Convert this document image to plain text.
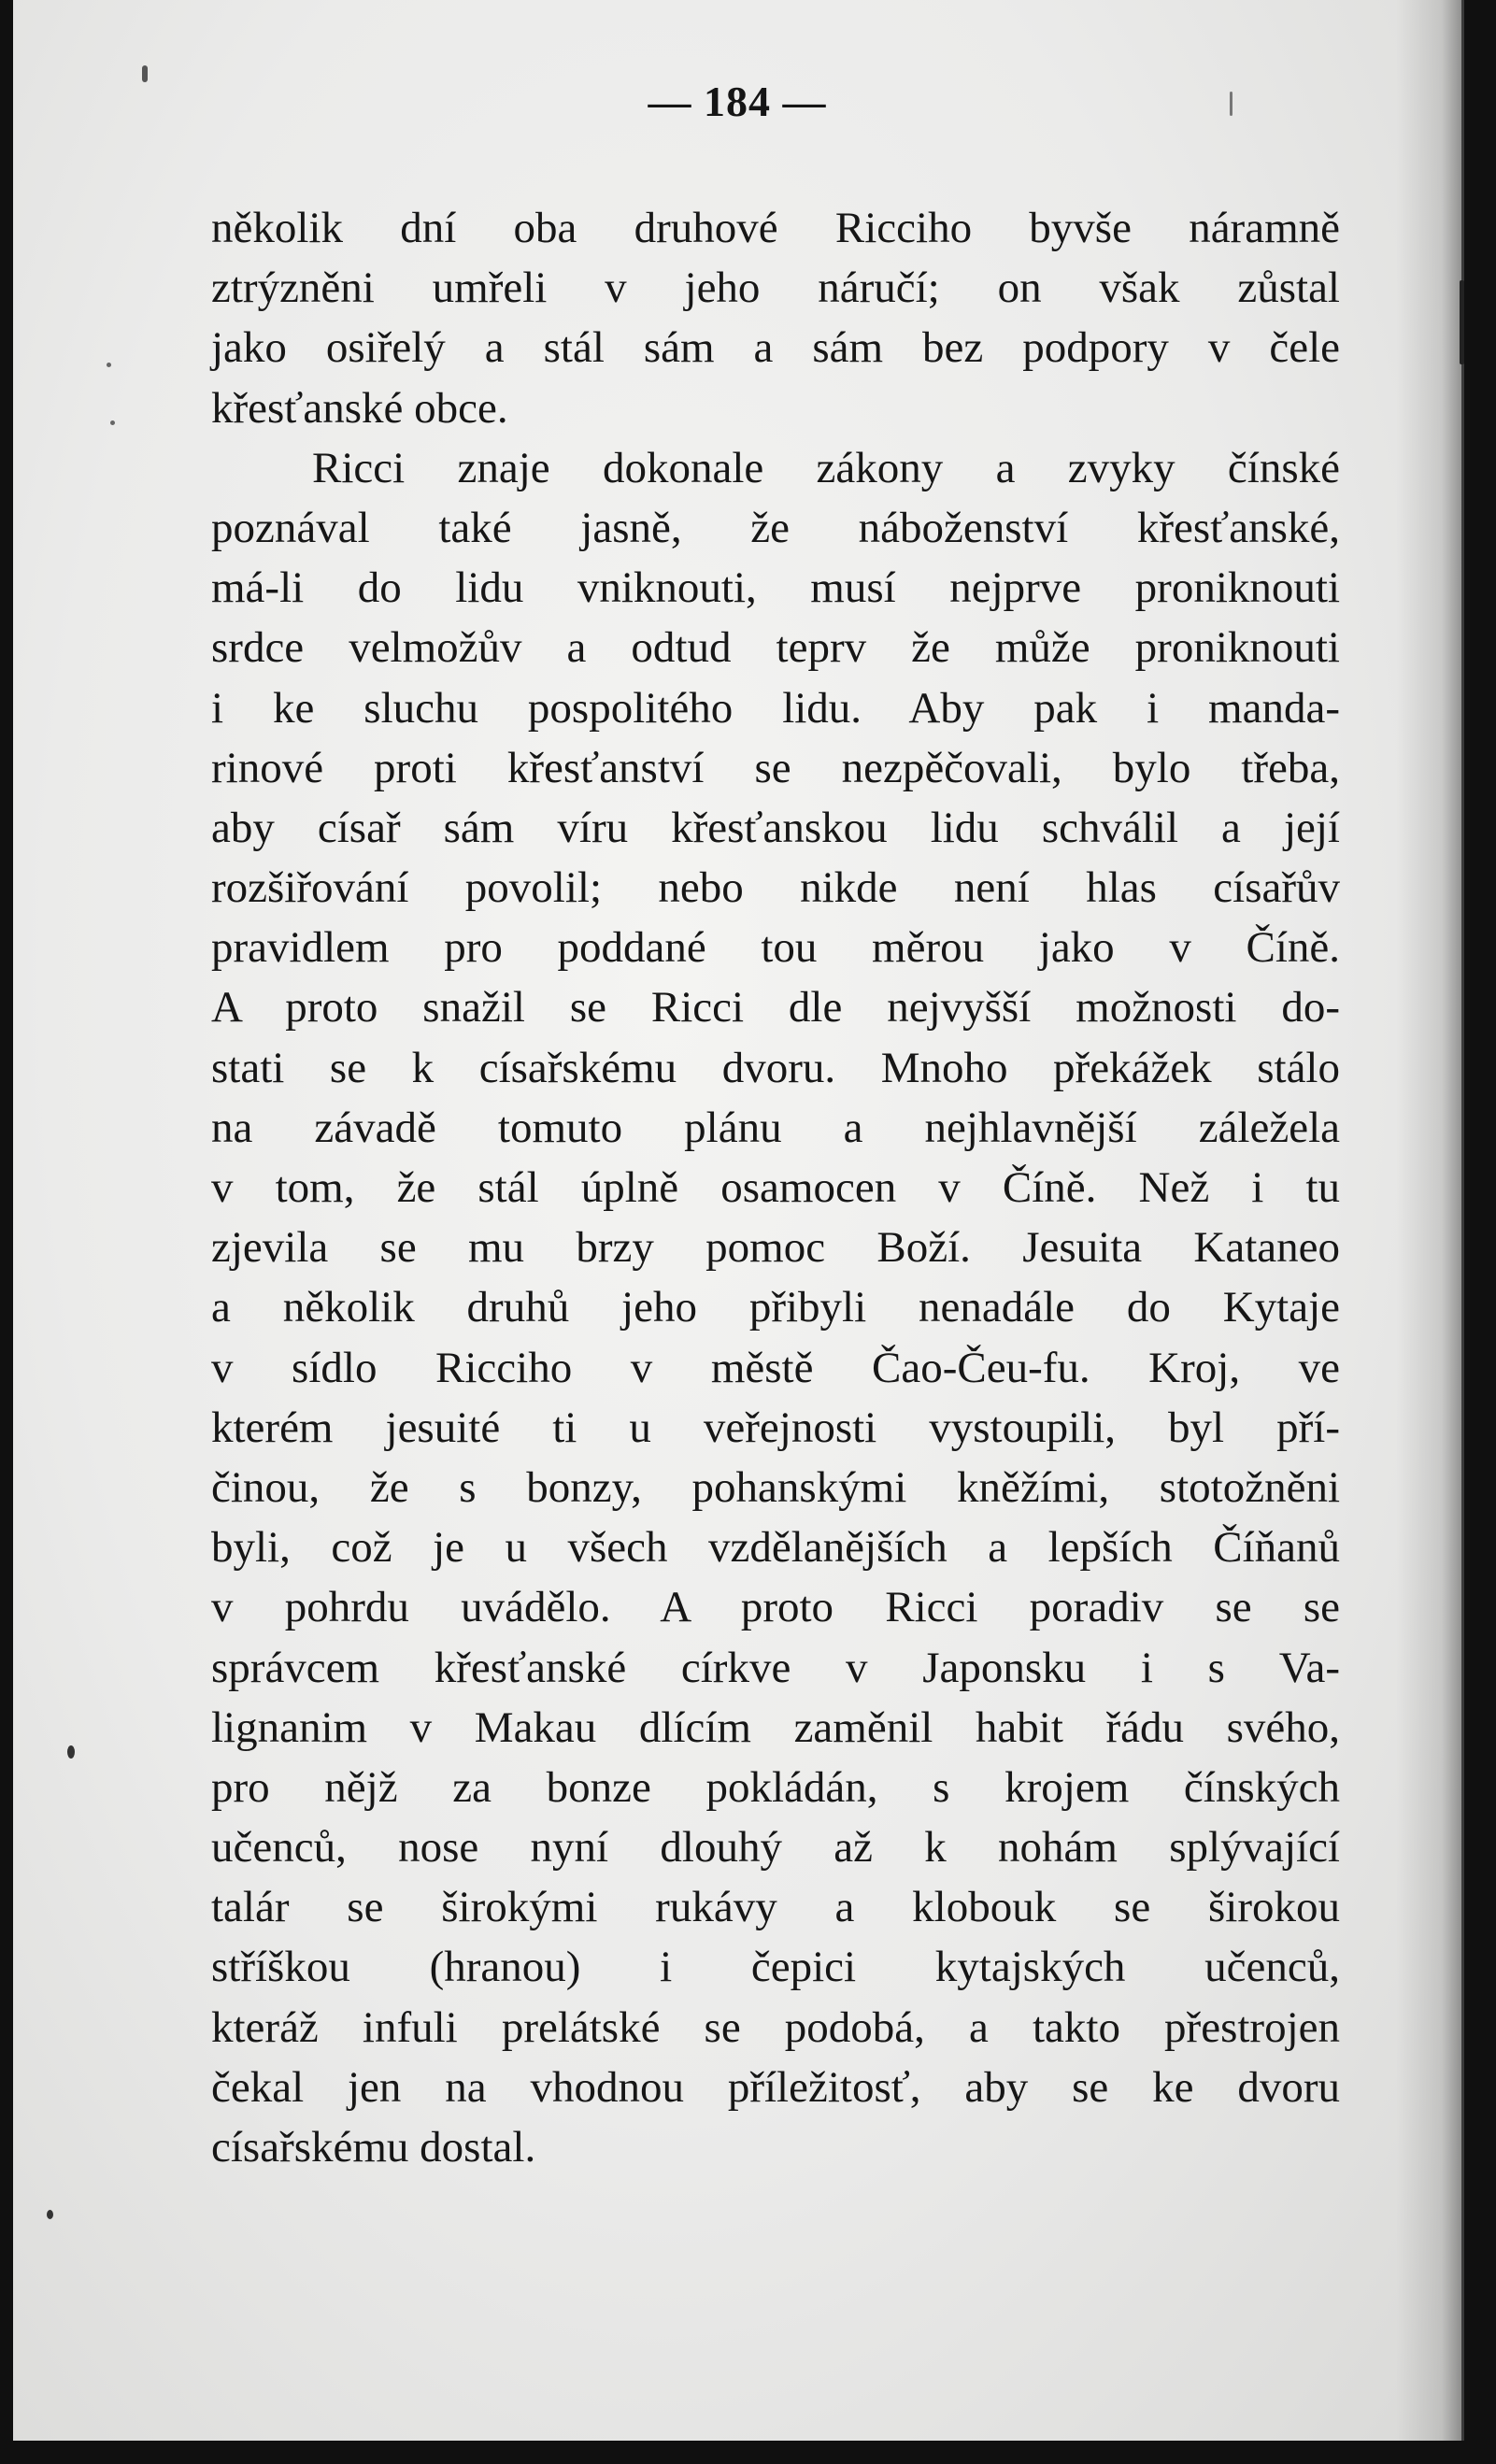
— 184 —
několik dní oba druhové Ricciho byvše náramně
ztrýzněni umřeli v jeho náručí; on však zůstal
jako osiřelý a stál sám a sám bez podpory v čele
křesťanské obce.
Ricci znaje dokonale zákony a zvyky čínské
poznával také jasně, že náboženství křesťanské,
má-li do lidu vniknouti, musí nejprve proniknouti
srdce velmožův a odtud teprv že může proniknouti
i ke sluchu pospolitého lidu. Aby pak i manda-
rinové proti křesťanství se nezpěčovali, bylo třeba,
aby císař sám víru křesťanskou lidu schválil a její
rozšiřování povolil; nebo nikde není hlas císařův
pravidlem pro poddané tou měrou jako v Číně.
A proto snažil se Ricci dle nejvyšší možnosti do-
stati se k císařskému dvoru. Mnoho překážek stálo
na závadě tomuto plánu a nejhlavnější záležela
v tom, že stál úplně osamocen v Číně. Než i tu
zjevila se mu brzy pomoc Boží. Jesuita Kataneo
a několik druhů jeho přibyli nenadále do Kytaje
v sídlo Ricciho v městě Čao-Čeu-fu. Kroj, ve
kterém jesuité ti u veřejnosti vystoupili, byl pří-
činou, že s bonzy, pohanskými kněžími, stotožněni
byli, což je u všech vzdělanějších a lepších Číňanů
v pohrdu uvádělo. A proto Ricci poradiv se se
správcem křesťanské církve v Japonsku i s Va-
lignanim v Makau dlícím zaměnil habit řádu svého,
pro nějž za bonze pokládán, s krojem čínských
učenců, nose nyní dlouhý až k nohám splývající
talár se širokými rukávy a klobouk se širokou
stříškou (hranou) i čepici kytajských učenců,
kteráž infuli prelátské se podobá, a takto přestrojen
čekal jen na vhodnou příležitosť, aby se ke dvoru
císařskému dostal.
